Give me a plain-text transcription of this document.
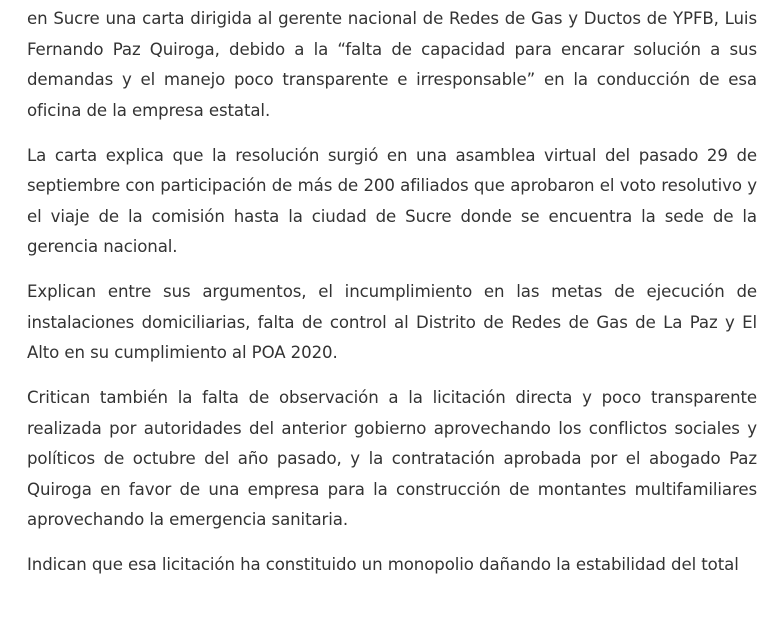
en Sucre una carta dirigida al gerente nacional de Redes de Gas y Ductos de YPFB, Luis Fernando Paz Quiroga, debido a la “falta de capacidad para encarar solución a sus demandas y el manejo poco transparente e irresponsable” en la conducción de esa oficina de la empresa estatal.

La carta explica que la resolución surgió en una asamblea virtual del pasado 29 de septiembre con participación de más de 200 afiliados que aprobaron el voto resolutivo y el viaje de la comisión hasta la ciudad de Sucre donde se encuentra la sede de la gerencia nacional.

Explican entre sus argumentos, el incumplimiento en las metas de ejecución de instalaciones domiciliarias, falta de control al Distrito de Redes de Gas de La Paz y El Alto en su cumplimiento al POA 2020.

Critican también la falta de observación a la licitación directa y poco transparente realizada por autoridades del anterior gobierno aprovechando los conflictos sociales y políticos de octubre del año pasado, y la contratación aprobada por el abogado Paz Quiroga en favor de una empresa para la construcción de montantes multifamiliares aprovechando la emergencia sanitaria.

Indican que esa licitación ha constituido un monopolio dañando la estabilidad del total
